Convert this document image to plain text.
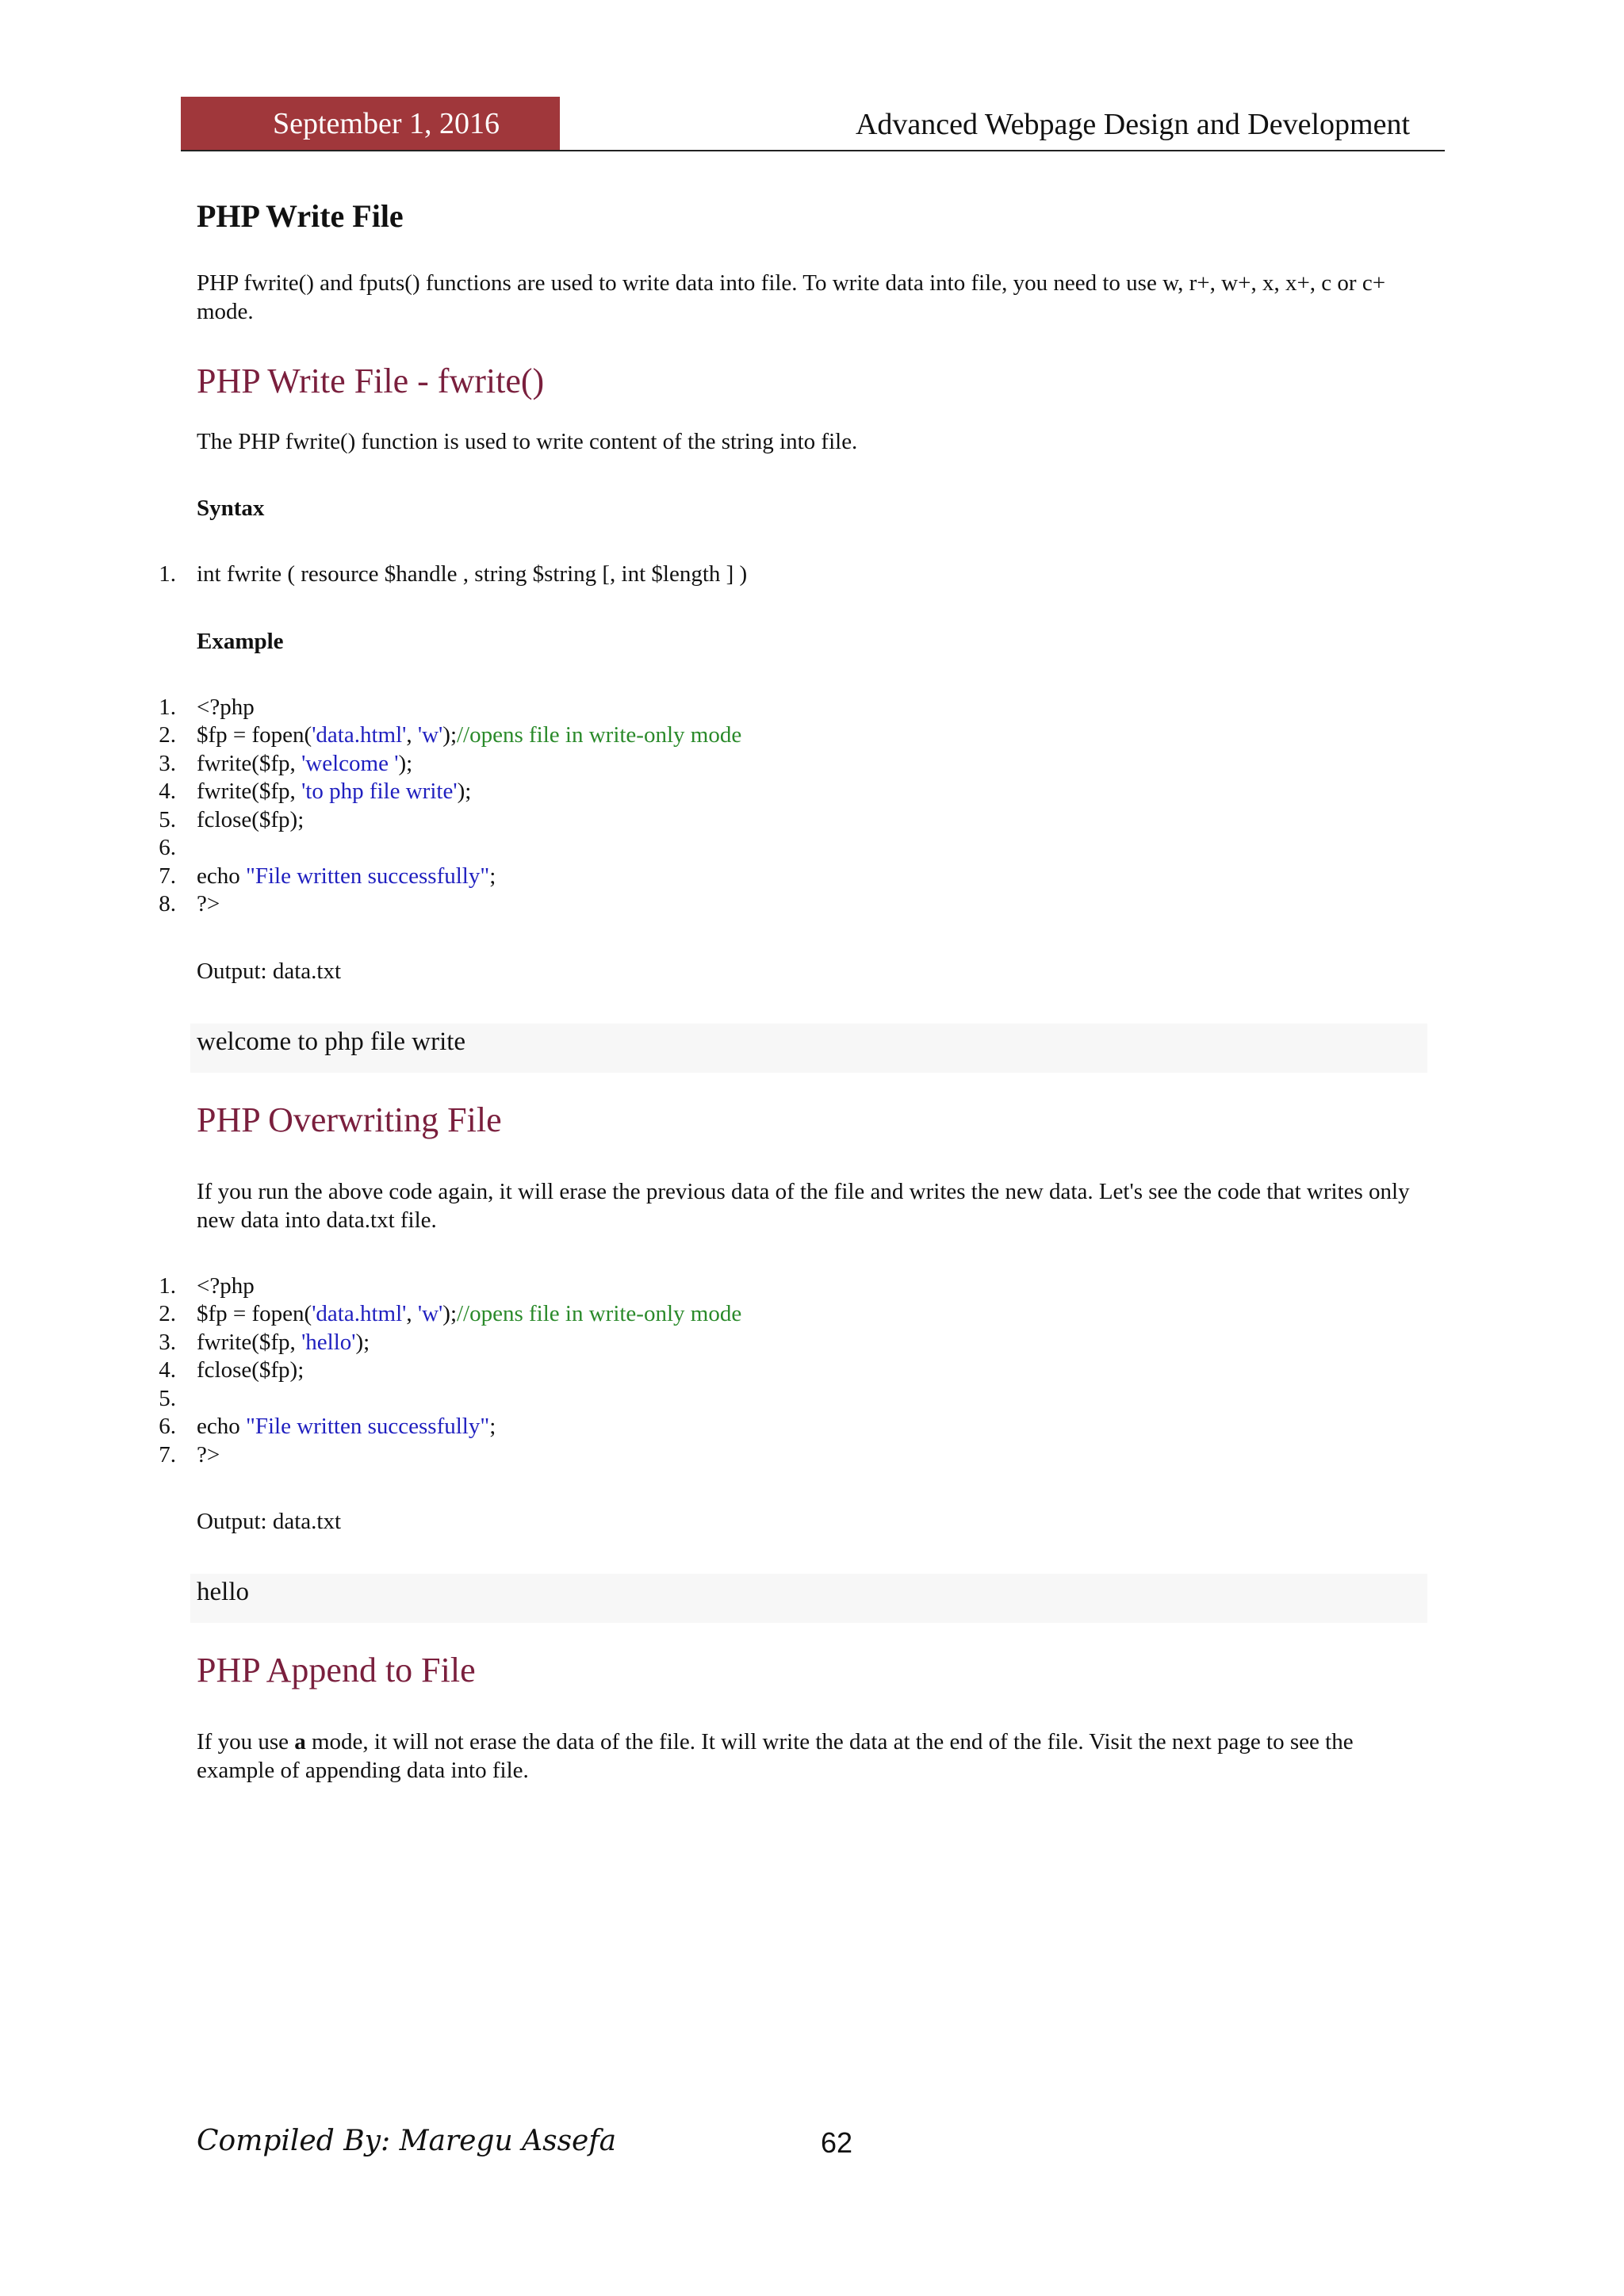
September 1, 2016	Advanced Webpage Design and Development
PHP Write File

PHP fwrite() and fputs() functions are used to write data into file. To write data into file, you need to use w, r+, w+, x, x+, c or c+ mode.

PHP Write File - fwrite()

The PHP fwrite() function is used to write content of the string into file.

Syntax

1. int fwrite ( resource $handle , string $string [, int $length ] )

Example

1. <?php
2. $fp = fopen('data.html', 'w');//opens file in write-only mode
3. fwrite($fp, 'welcome ');
4. fwrite($fp, 'to php file write');
5. fclose($fp);
6.
7. echo "File written successfully";
8. ?>

Output: data.txt

welcome to php file write
PHP Overwriting File

If you run the above code again, it will erase the previous data of the file and writes the new data. Let's see the code that writes only new data into data.txt file.

1. <?php
2. $fp = fopen('data.html', 'w');//opens file in write-only mode
3. fwrite($fp, 'hello');
4. fclose($fp);
5.
6. echo "File written successfully";
7. ?>

Output: data.txt

hello
PHP Append to File

If you use a mode, it will not erase the data of the file. It will write the data at the end of the file. Visit the next page to see the example of appending data into file.

Compiled By: Maregu Assefa	62
